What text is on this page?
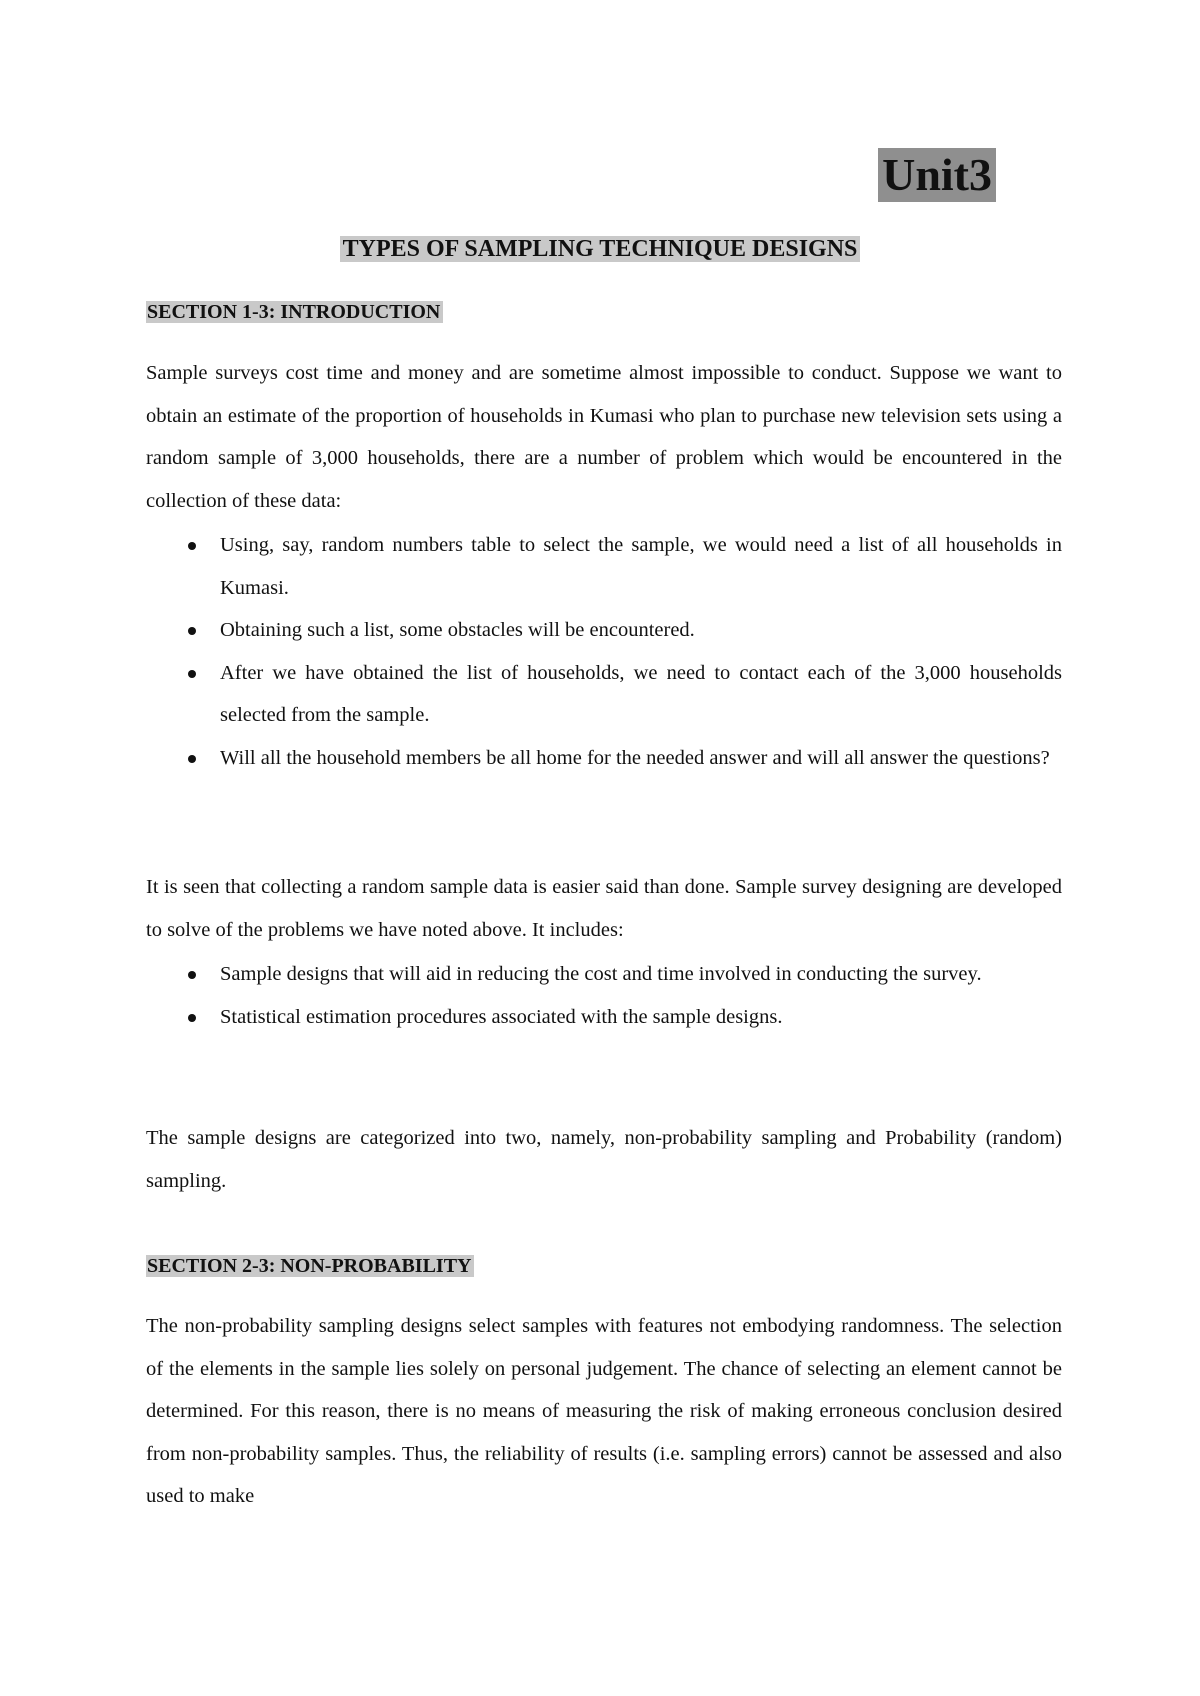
Unit3
TYPES OF SAMPLING TECHNIQUE DESIGNS
SECTION 1-3: INTRODUCTION

Sample surveys cost time and money and are sometime almost impossible to conduct. Suppose we want to obtain an estimate of the proportion of households in Kumasi who plan to purchase new television sets using a random sample of 3,000 households, there are a number of problem which would be encountered in the collection of these data:

Using, say, random numbers table to select the sample, we would need a list of all households in Kumasi.
Obtaining such a list, some obstacles will be encountered.
After we have obtained the list of households, we need to contact each of the 3,000 households selected from the sample.
Will all the household members be all home for the needed answer and will all answer the questions?

It is seen that collecting a random sample data is easier said than done. Sample survey designing are developed to solve of the problems we have noted above. It includes:

Sample designs that will aid in reducing the cost and time involved in conducting the survey.
Statistical estimation procedures associated with the sample designs.

The sample designs are categorized into two, namely, non-probability sampling and Probability (random) sampling.

SECTION 2-3: NON-PROBABILITY

The non-probability sampling designs select samples with features not embodying randomness. The selection of the elements in the sample lies solely on personal judgement. The chance of selecting an element cannot be determined. For this reason, there is no means of measuring the risk of making erroneous conclusion desired from non-probability samples. Thus, the reliability of results (i.e. sampling errors) cannot be assessed and also used to make
